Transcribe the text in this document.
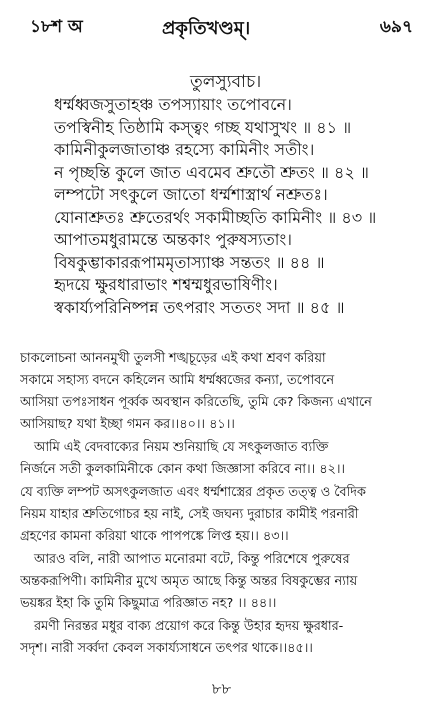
১৮শ অ	প্রকৃতিখণ্ডম্।	৬৯৭
তুলস্যুবাচ।
ধর্ম্মধ্বজসুতাহঞ্চ তপস্যায়াং তপোবনে।
তপস্বিনীহ তিষ্ঠামি কস্ত্বং গচ্ছ যথাসুখং ॥ ৪১ ॥
কামিনীকুলজাতাঞ্চ রহস্যে কামিনীং সতীং।
ন পৃচ্ছন্তি কুলে জাত এবমেব শ্রুতৌ শ্রুতং ॥ ৪২ ॥
লম্পটো সৎকুলে জাতো ধর্ম্মশাস্ত্রার্থ নশ্রুতঃ।
যোনাশ্রুতঃ শ্রুতেরর্থং সকামীচ্ছতি কামিনীং ॥ ৪৩ ॥
আপাতমধুরামন্তে অন্তকাং পুরুষস্যতাং।
বিষকুম্ভাকাররূপামমৃতাস্যাঞ্চ সন্ততং ॥ ৪৪ ॥
হৃদয়ে ক্ষুরধারাভাং শশ্বম্মধুরভাষিণীং।
স্বকার্য্যপরিনিষ্পন্ন তৎপরাং সততং সদা ॥ ৪৫ ॥

চাকলোচনা আননমুখী তুলসী শঙ্খচূড়ের এই কথা শ্রবণ করিয়া
সকামে সহাস্য বদনে কহিলেন আমি ধর্ম্মধ্বজের কন্যা, তপোবনে
আসিয়া তপঃসাধন পূর্ব্বক অবস্থান করিতেছি, তুমি কে? কিজন্য এখানে
আসিয়াছ? যথা ইচ্ছা গমন কর।।৪০।। ৪১।।

আমি এই বেদবাক্যের নিয়ম শুনিয়াছি যে সৎকুলজাত ব্যক্তি
নির্জনে সতী কুলকামিনীকে কোন কথা জিজ্ঞাসা করিবে না।। ৪২।।

যে ব্যক্তি লম্পট অসৎকুলজাত এবং ধর্ম্মশাস্ত্রের প্রকৃত তত্ত্ব ও বৈদিক
নিয়ম যাহার শ্রুতিগোচর হয় নাই, সেই জঘন্য দুরাচার কামীই পরনারী
গ্রহণের কামনা করিয়া থাকে পাপপঙ্কে লিপ্ত হয়।। ৪৩।।

আরও বলি, নারী আপাত মনোরমা বটে, কিন্তু পরিশেষে পুরুষের
অন্তকরূপিণী। কামিনীর মুখে অমৃত আছে কিন্তু অন্তর বিষকুম্ভের ন্যায়
ভয়ঙ্কর ইহা কি তুমি কিছুমাত্র পরিজ্ঞাত নহ? ।। ৪৪।।

রমণী নিরন্তর মধুর বাক্য প্রয়োগ করে কিন্তু উহার হৃদয় ক্ষুরধার-
সদৃশ। নারী সর্ব্বদা কেবল সকার্য্যসাধনে তৎপর থাকে।।৪৫।।

৮৮
